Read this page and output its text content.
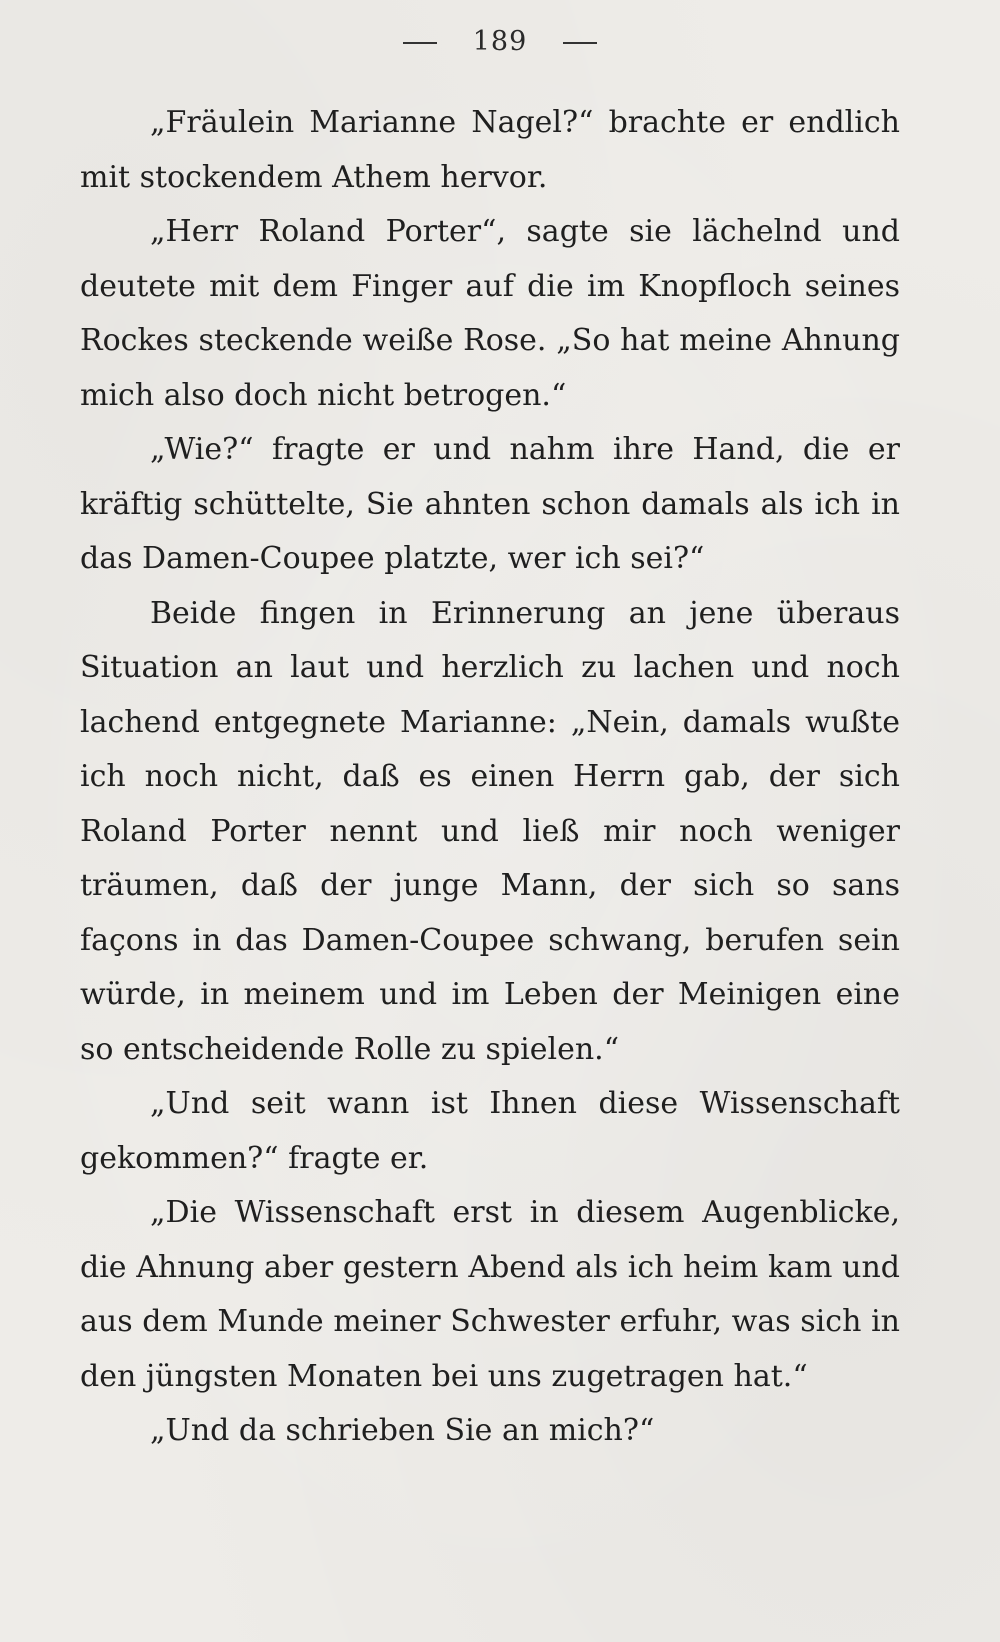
189

„Fräulein Marianne Nagel?“ brachte er endlich mit stockendem Athem hervor.

„Herr Roland Porter“, sagte sie lächelnd und deutete mit dem Finger auf die im Knopfloch seines Rockes steckende weiße Rose. „So hat meine Ahnung mich also doch nicht betrogen.“

„Wie?“ fragte er und nahm ihre Hand, die er kräftig schüttelte, Sie ahnten schon damals als ich in das Damen-Coupee platzte, wer ich sei?“

Beide fingen in Erinnerung an jene überaus Situation an laut und herzlich zu lachen und noch lachend entgegnete Marianne: „Nein, damals wußte ich noch nicht, daß es einen Herrn gab, der sich Roland Porter nennt und ließ mir noch weniger träumen, daß der junge Mann, der sich so sans façons in das Damen-Coupee schwang, berufen sein würde, in meinem und im Leben der Meinigen eine so entscheidende Rolle zu spielen.“

„Und seit wann ist Ihnen diese Wissenschaft gekommen?“ fragte er.

„Die Wissenschaft erst in diesem Augenblicke, die Ahnung aber gestern Abend als ich heim kam und aus dem Munde meiner Schwester erfuhr, was sich in den jüngsten Monaten bei uns zugetragen hat.“

„Und da schrieben Sie an mich?“
